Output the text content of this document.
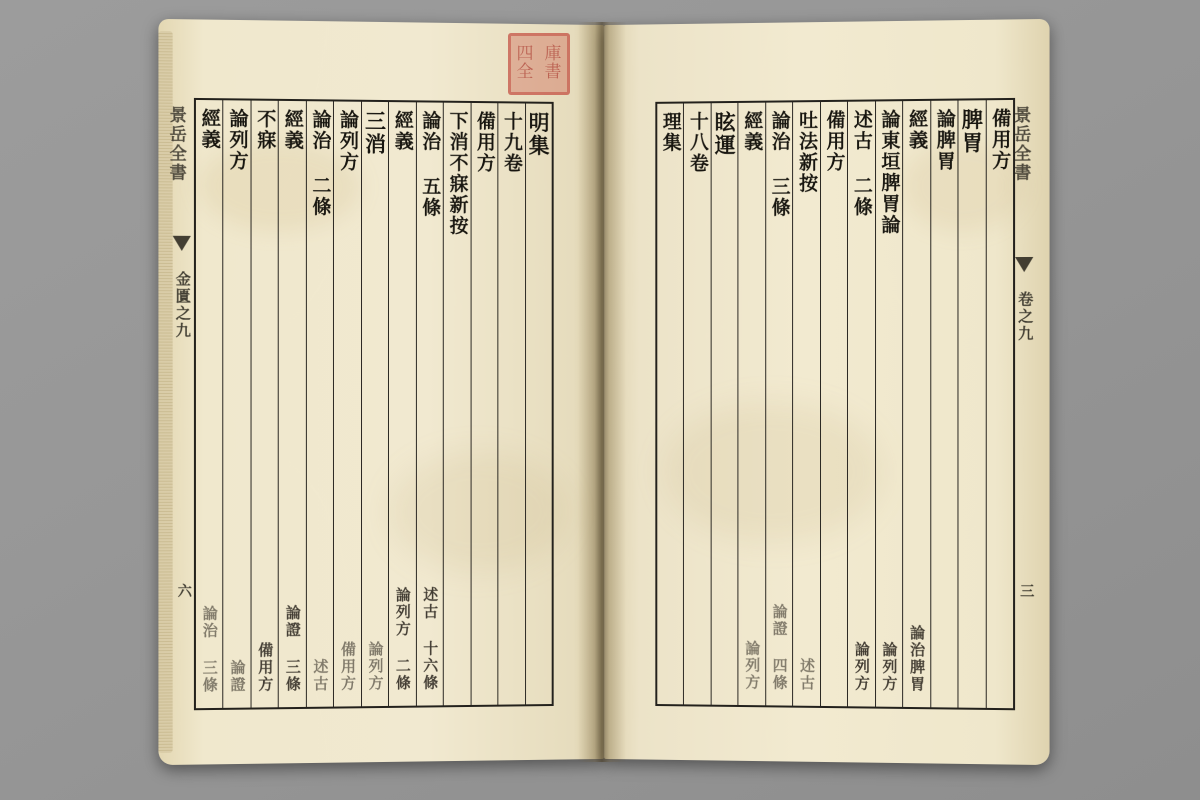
景岳全書
金匱之九
六
明集
十九卷
備用方
下消不寐新按
論治 五條
述古 十六條
經義
論列方 二條
三消
論列方
論列方
備用方
論治 二條
述古
經義
論證 三條
不寐
備用方
論列方
論證
經義
論治 三條
景岳全書
卷之九
三
備用方
脾胃
論脾胃
經義
論治脾胃
論東垣脾胃論
論列方
述古 二條
論列方
備用方
吐法新按
述古
論治 三條
論證 四條
經義
論列方
眩運
十八卷
理集
四 庫
全 書
